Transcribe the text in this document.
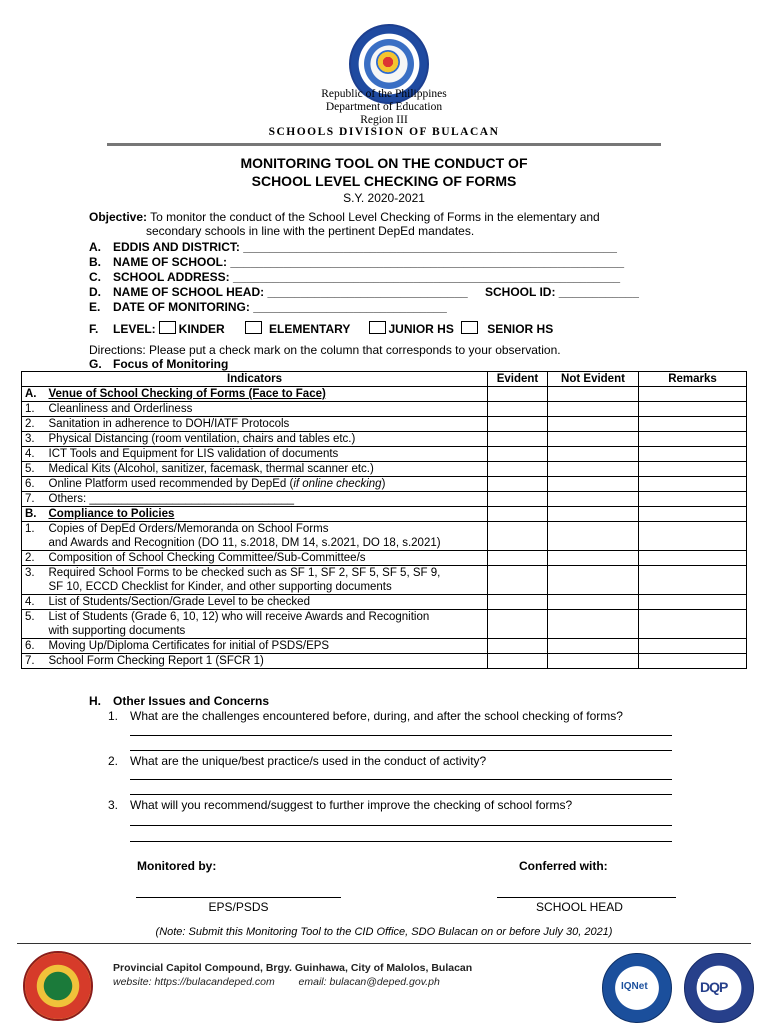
Republic of the Philippines
Department of Education
Region III
SCHOOLS DIVISION OF BULACAN
MONITORING TOOL ON THE CONDUCT OF
SCHOOL LEVEL CHECKING OF FORMS
S.Y. 2020-2021
Objective: To monitor the conduct of the School Level Checking of Forms in the elementary and
secondary schools in line with the pertinent DepEd mandates.
A. EDDIS AND DISTRICT: ________________________________________________________
B. NAME OF SCHOOL: ___________________________________________________________
C. SCHOOL ADDRESS: __________________________________________________________
D. NAME OF SCHOOL HEAD: ______________________________ SCHOOL ID: ____________
E. DATE OF MONITORING: _____________________________
F. LEVEL: KINDER	ELEMENTARY	JUNIOR HS	SENIOR HS
Directions: Please put a check mark on the column that corresponds to your observation.
G. Focus of Monitoring
Indicators		Evident	Not Evident	Remarks
A.	Venue of School Checking of Forms (Face to Face)			
1.	Cleanliness and Orderliness			
2.	Sanitation in adherence to DOH/IATF Protocols			
3.	Physical Distancing (room ventilation, chairs and tables etc.)			
4.	ICT Tools and Equipment for LIS validation of documents			
5.	Medical Kits (Alcohol, sanitizer, facemask, thermal scanner etc.)			
6.	Online Platform used recommended by DepEd (if online checking)			
7.	Others: ________________________________			
B.	Compliance to Policies			
1.	Copies of DepEd Orders/Memoranda on School Forms
and Awards and Recognition (DO 11, s.2018, DM 14, s.2021, DO 18, s.2021)			
2.	Composition of School Checking Committee/Sub-Committee/s			
3.	Required School Forms to be checked such as SF 1, SF 2, SF 5, SF 5, SF 9,
SF 10, ECCD Checklist for Kinder, and other supporting documents			
4.	List of Students/Section/Grade Level to be checked			
5.	List of Students (Grade 6, 10, 12) who will receive Awards and Recognition
with supporting documents			
6.	Moving Up/Diploma Certificates for initial of PSDS/EPS			
7.	School Form Checking Report 1 (SFCR 1)			
H. Other Issues and Concerns
1. What are the challenges encountered before, during, and after the school checking of forms?
2. What are the unique/best practice/s used in the conduct of activity?
3. What will you recommend/suggest to further improve the checking of school forms?
Monitored by:	Conferred with:
EPS/PSDS	SCHOOL HEAD
(Note: Submit this Monitoring Tool to the CID Office, SDO Bulacan on or before July 30, 2021)
Provincial Capitol Compound, Brgy. Guinhawa, City of Malolos, Bulacan
website: https://bulacandeped.com email: bulacan@deped.gov.ph	IQNet	DQP
